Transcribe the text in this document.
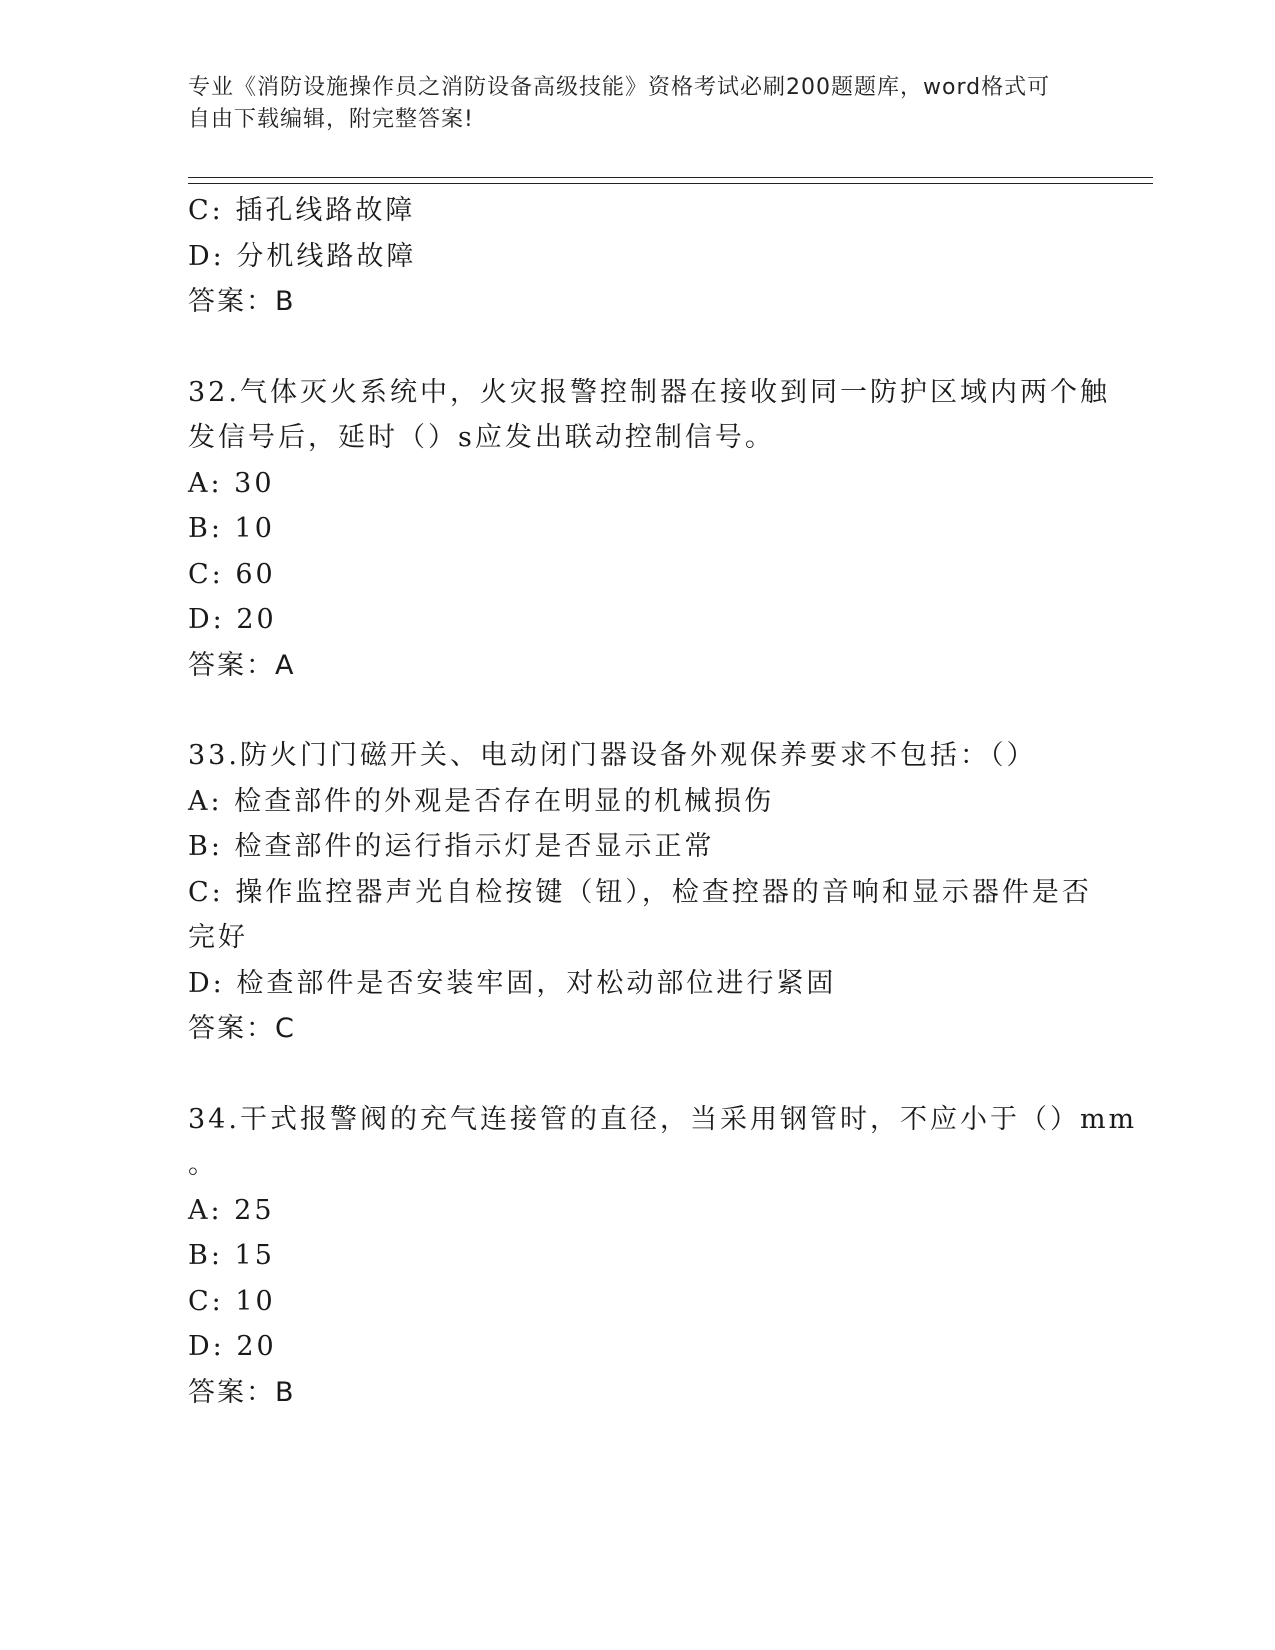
专业《消防设施操作员之消防设备高级技能》资格考试必刷200题题库，word格式可自由下载编辑，附完整答案!
C: 插孔线路故障
D: 分机线路故障
答案：B
32.气体灭火系统中，火灾报警控制器在接收到同一防护区域内两个触
发信号后，延时（）s应发出联动控制信号。
A: 30
B: 10
C: 60
D: 20
答案：A
33.防火门门磁开关、电动闭门器设备外观保养要求不包括：（）
A: 检查部件的外观是否存在明显的机械损伤
B: 检查部件的运行指示灯是否显示正常
C: 操作监控器声光自检按键（钮），检查控器的音响和显示器件是否
完好
D: 检查部件是否安装牢固，对松动部位进行紧固
答案：C
34.干式报警阀的充气连接管的直径，当采用钢管时，不应小于（）mm
。
A: 25
B: 15
C: 10
D: 20
答案：B
